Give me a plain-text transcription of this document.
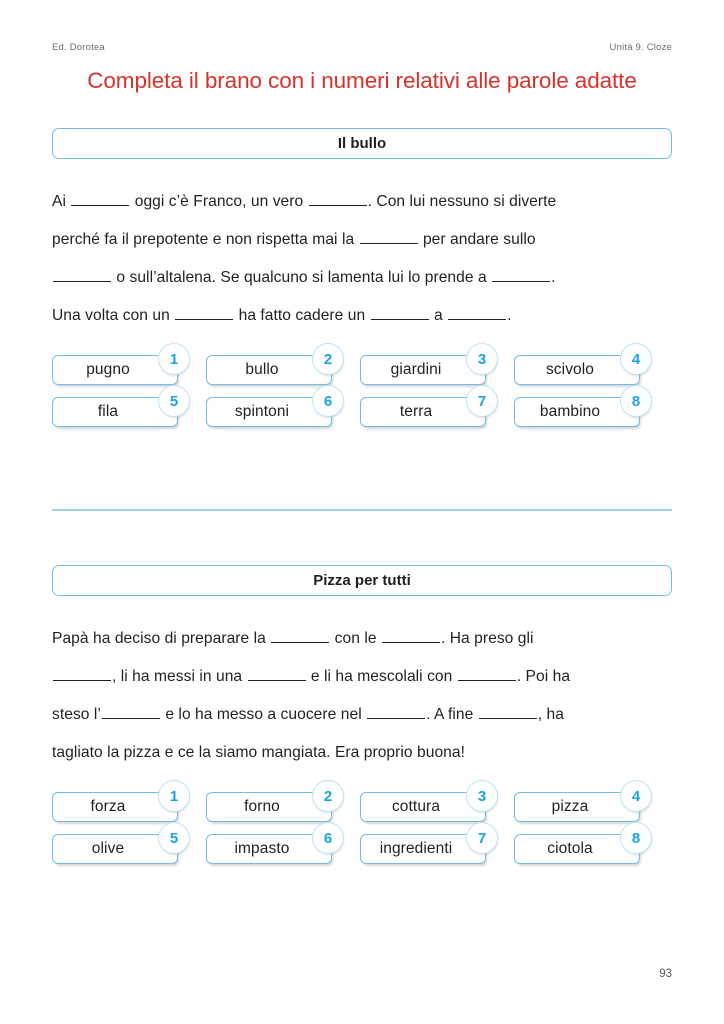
Ed. Dorotea	Unità 9. Cloze
Completa il brano con i numeri relativi alle parole adatte
Il bullo
Ai	oggi c’è Franco, un vero	. Con lui nessuno si diverte
perché fa il prepotente e non rispetta mai la	per andare sullo
o sull’altalena. Se qualcuno si lamenta lui lo prende a	.
Una volta con un	ha fatto cadere un	a	.
pugno
1
bullo
2
giardini
3
scivolo
4
fila
5
spintoni
6
terra
7
bambino
8
Pizza per tutti
Papà ha deciso di preparare la	con le	. Ha preso gli
, li ha messi in una	e li ha mescolali con	. Poi ha
steso l’	e lo ha messo a cuocere nel	. A fine	, ha
tagliato la pizza e ce la siamo mangiata. Era proprio buona!
forza
1
forno
2
cottura
3
pizza
4
olive
5
impasto
6
ingredienti
7
ciotola
8
93
